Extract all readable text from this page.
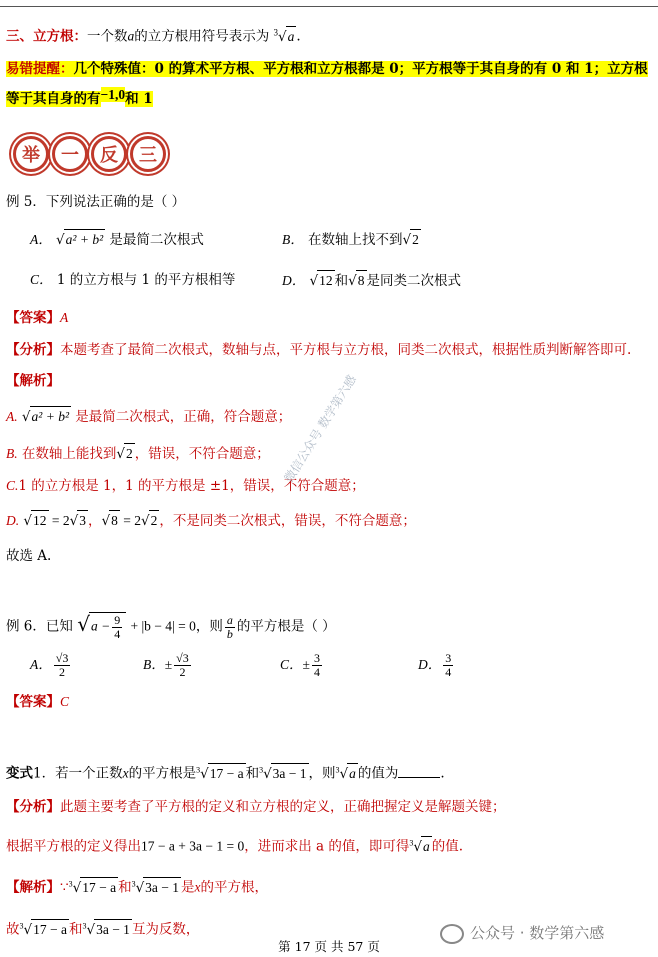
三、立方根：一个数a的立方根用符号表示为 $^3$√a .
易错提醒：几个特殊值：0 的算术平方根、平方根和立方根都是 0；平方根等于其自身的有 0 和 1；立方根
等于其自身的有$^{-1,0}$和 1
举	一	反	三
例 5．下列说法正确的是（ ）
A． √a² + b² 是最简二次根式	B． 在数轴上找不到√2
C． 1 的立方根与 1 的平方根相等	D． √12 和√8 是同类二次根式
【答案】A
【分析】本题考查了最简二次根式，数轴与点，平方根与立方根，同类二次根式，根据性质判断解答即可.
【解析】
A. √a² + b² 是最简二次根式，正确，符合题意；
B. 在数轴上能找到√2 ，错误，不符合题意；
C.1 的立方根是 1，1 的平方根是 ±1，错误，不符合题意；
D. √12 = 2√3 ，√8 = 2√2 ，不是同类二次根式，错误，不符合题意；
故选 A.
例 6．已知 $√a - \frac{9}{4} + |b - 4| = 0$，则 $\frac{a}{b}$ 的平方根是（ ）
A． $\frac{√3}{2}$	B．± $\frac{√3}{2}$	C．± $\frac{3}{4}$	D． $\frac{3}{4}$
【答案】C
变式1．若一个正数x的平方根是$^3$√17 − a 和$^3$√3a − 1 ，则$^3$√a 的值为	.
【分析】此题主要考查了平方根的定义和立方根的定义，正确把握定义是解题关键；
根据平方根的定义得出17 − a + 3a − 1 = 0，进而求出 a 的值，即可得$^3$√a 的值.
【解析】∵$^3$√17 − a 和$^3$√3a − 1 是x的平方根，
故$^3$√17 − a 和$^3$√3a − 1 互为反数，
微信公众号 数学第六感
公众号 · 数学第六感
第 17 页 共 57 页
